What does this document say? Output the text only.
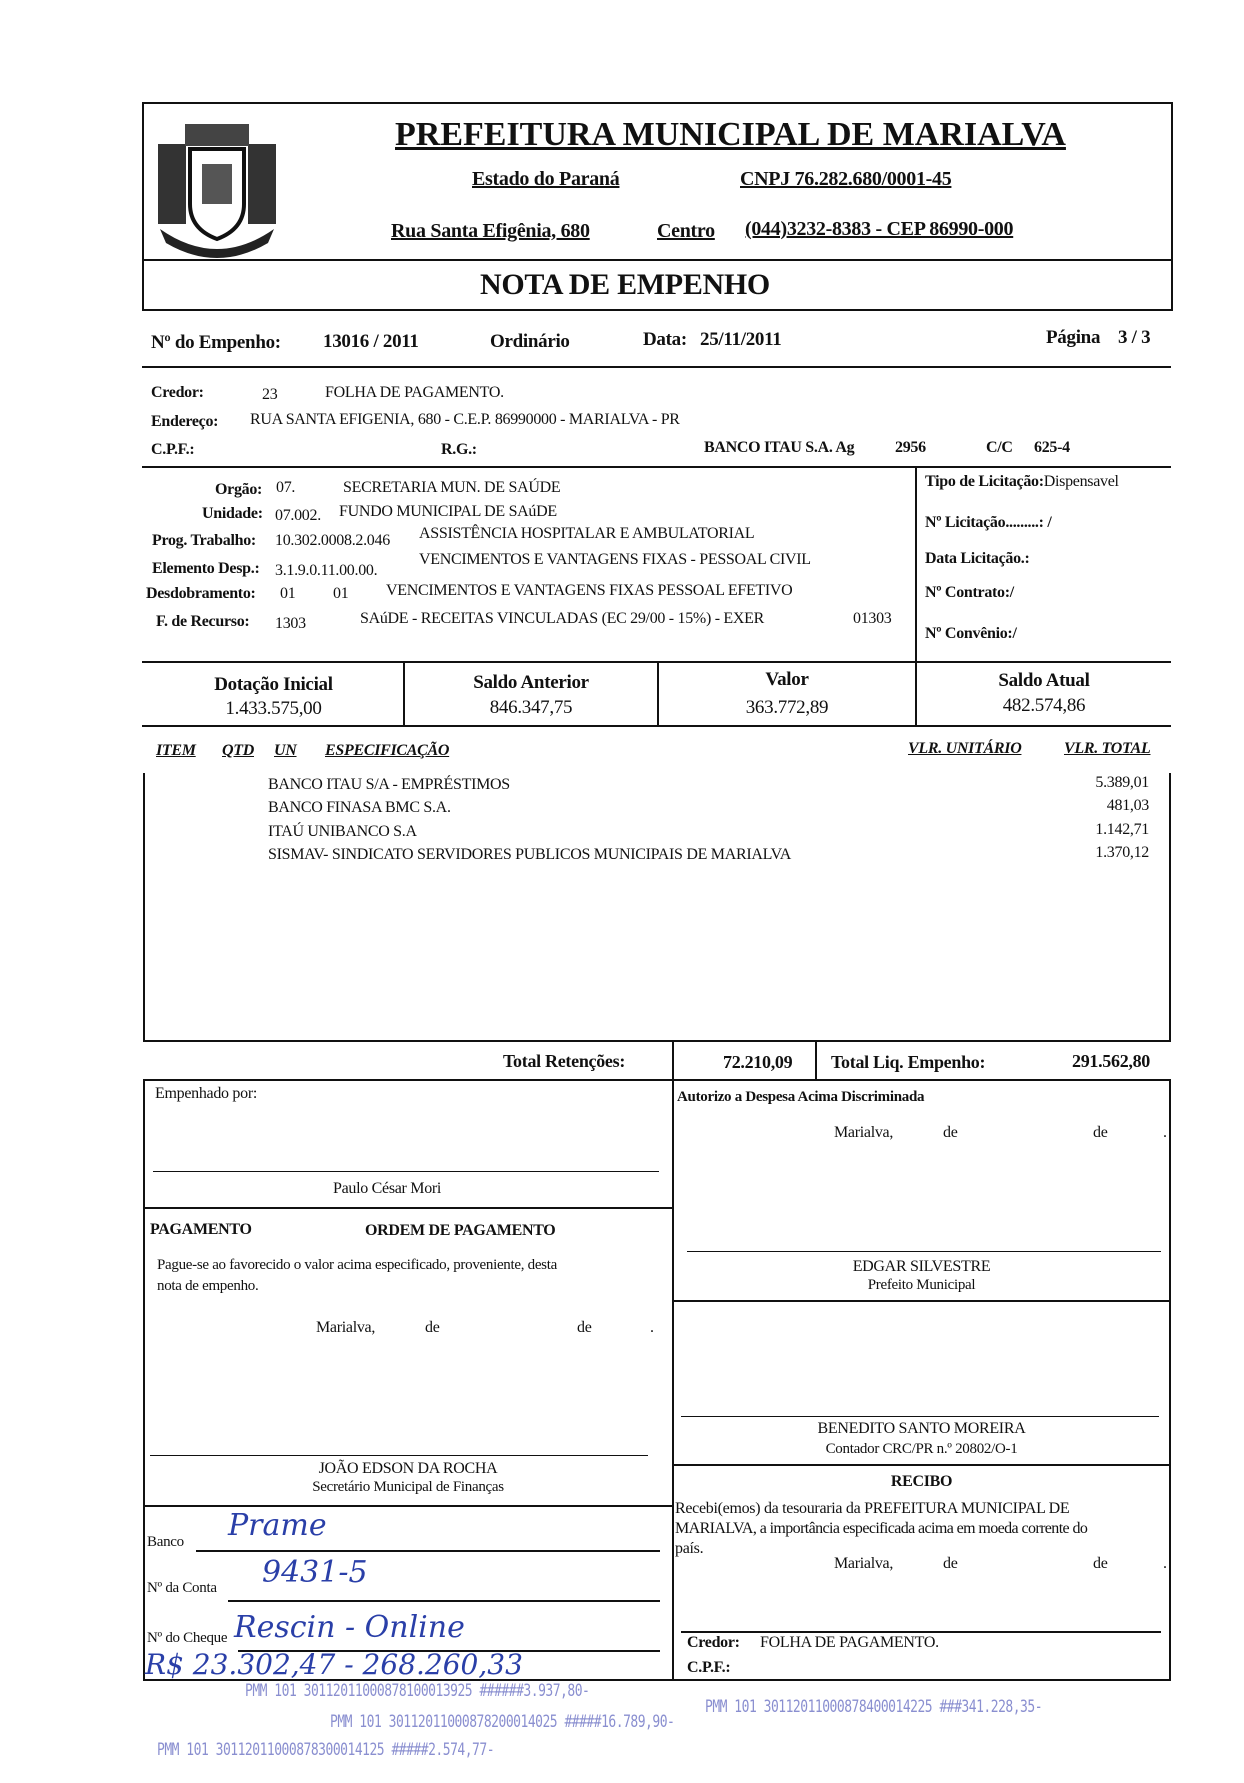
PREFEITURA MUNICIPAL DE MARIALVA
Estado do Paraná	CNPJ 76.282.680/0001-45
Rua Santa Efigênia, 680	Centro (044)3232-8383 - CEP 86990-000
NOTA DE EMPENHO
Nº do Empenho: 13016 / 2011	Ordinário	Data: 25/11/2011	Página 3 / 3
Credor:	23	FOLHA DE PAGAMENTO.
Endereço: RUA SANTA EFIGENIA, 680 - C.E.P. 86990000 - MARIALVA - PR
C.P.F.:	R.G.:	BANCO ITAU S.A. Ag	2956	C/C 625-4
Orgão: 07.	SECRETARIA MUN. DE SAÚDE
Unidade: 07.002. FUNDO MUNICIPAL DE SAúDE
Prog. Trabalho: 10.302.0008.2.046 ASSISTÊNCIA HOSPITALAR E AMBULATORIAL
Elemento Desp.: 3.1.9.0.11.00.00.
VENCIMENTOS E VANTAGENS FIXAS - PESSOAL CIVIL
Desdobramento: 01 01 VENCIMENTOS E VANTAGENS FIXAS PESSOAL EFETIVO
F. de Recurso: 1303	SAúDE - RECEITAS VINCULADAS (EC 29/00 - 15%) - EXER	01303
Tipo de Licitação:Dispensavel
Nº Licitação.........: /
Data Licitação.:
Nº Contrato:/
Nº Convênio:/
Dotação Inicial
1.433.575,00
Saldo Anterior
846.347,75
Valor
363.772,89
Saldo Atual
482.574,86
ITEM QTD UN ESPECIFICAÇÃO	VLR. UNITÁRIO	VLR. TOTAL
BANCO ITAU S/A - EMPRÉSTIMOS	5.389,01
BANCO FINASA BMC S.A.	481,03
ITAÚ UNIBANCO S.A	1.142,71
SISMAV- SINDICATO SERVIDORES PUBLICOS MUNICIPAIS DE MARIALVA	1.370,12
Total Retenções:	72.210,09 Total Liq. Empenho:	291.562,80
Empenhado por:
Paulo César Mori
PAGAMENTO	ORDEM DE PAGAMENTO
Pague-se ao favorecido o valor acima especificado, proveniente, desta
nota de empenho.
Marialva,	de	de	.
JOÃO EDSON DA ROCHA
Secretário Municipal de Finanças
Banco Prame
Nº da Conta 9431-5
Nº do Cheque Rescin - Online
R$ 23.302,47 - 268.260,33
Autorizo a Despesa Acima Discriminada
Marialva,	de	de	.
EDGAR SILVESTRE
Prefeito Municipal
BENEDITO SANTO MOREIRA
Contador CRC/PR n.º 20802/O-1
RECIBO
Recebi(emos) da tesouraria da PREFEITURA MUNICIPAL DE
MARIALVA, a importância especificada acima em moeda corrente do
país.
Marialva,	de	de	.
Credor: FOLHA DE PAGAMENTO.
C.P.F.:
PMM 101 30112011000878100013925 ######3.937,80-
PMM 101 30112011000878200014025 #####16.789,90-
PMM 101 30112011000878300014125 #####2.574,77-
PMM 101 30112011000878400014225 ###341.228,35-
